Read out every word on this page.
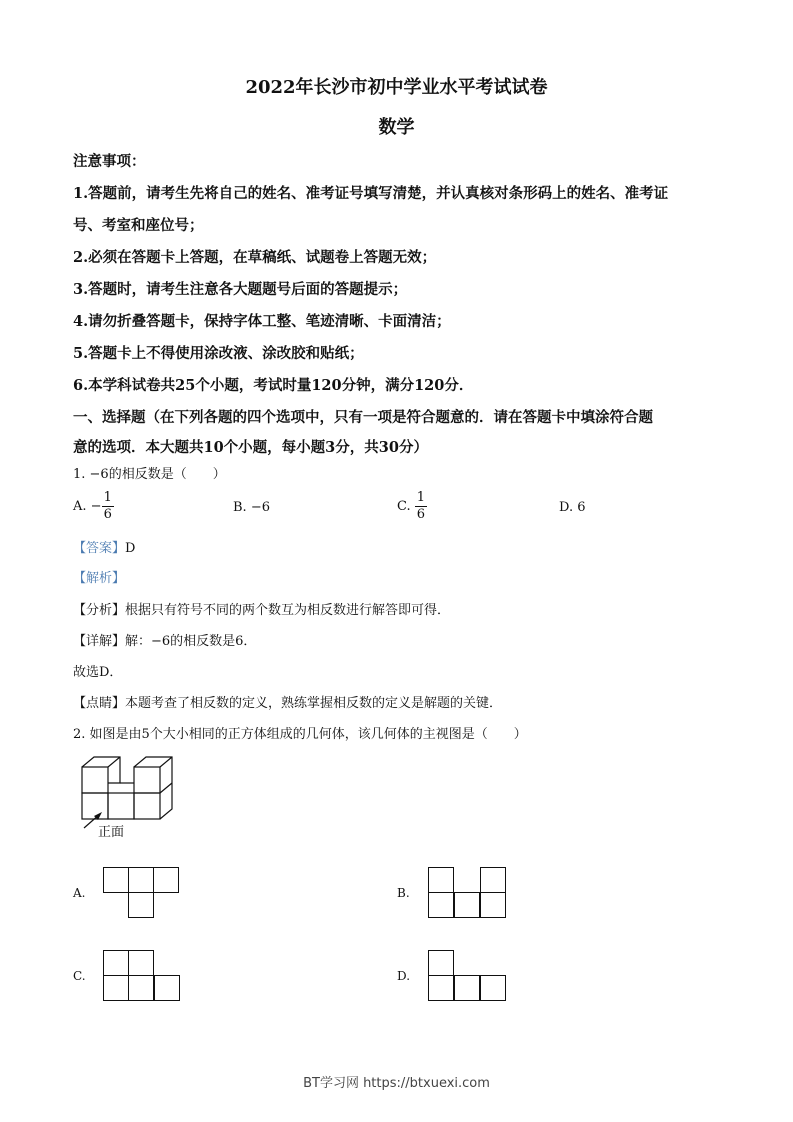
2022年长沙市初中学业水平考试试卷
数学
注意事项：
1.答题前，请考生先将自己的姓名、准考证号填写清楚，并认真核对条形码上的姓名、准考证
号、考室和座位号；
2.必须在答题卡上答题，在草稿纸、试题卷上答题无效；
3.答题时，请考生注意各大题题号后面的答题提示；
4.请勿折叠答题卡，保持字体工整、笔迹清晰、卡面清洁；
5.答题卡上不得使用涂改液、涂改胶和贴纸；
6.本学科试卷共25个小题，考试时量120分钟，满分120分．
一、选择题（在下列各题的四个选项中，只有一项是符合题意的．请在答题卡中填涂符合题
意的选项．本大题共10个小题，每小题3分，共30分）
1. −6的相反数是（　　）
A. − $\frac{1}{6}$	B. −6	C. $\frac{1}{6}$	D. 6
【答案】D
【解析】
【分析】根据只有符号不同的两个数互为相反数进行解答即可得．
【详解】解：−6的相反数是6．
故选D．
【点睛】本题考查了相反数的定义，熟练掌握相反数的定义是解题的关键．
2. 如图是由5个大小相同的正方体组成的几何体，该几何体的主视图是（　　）
正面
A.	B.
C.	D.
BT学习网 https://btxuexi.com
